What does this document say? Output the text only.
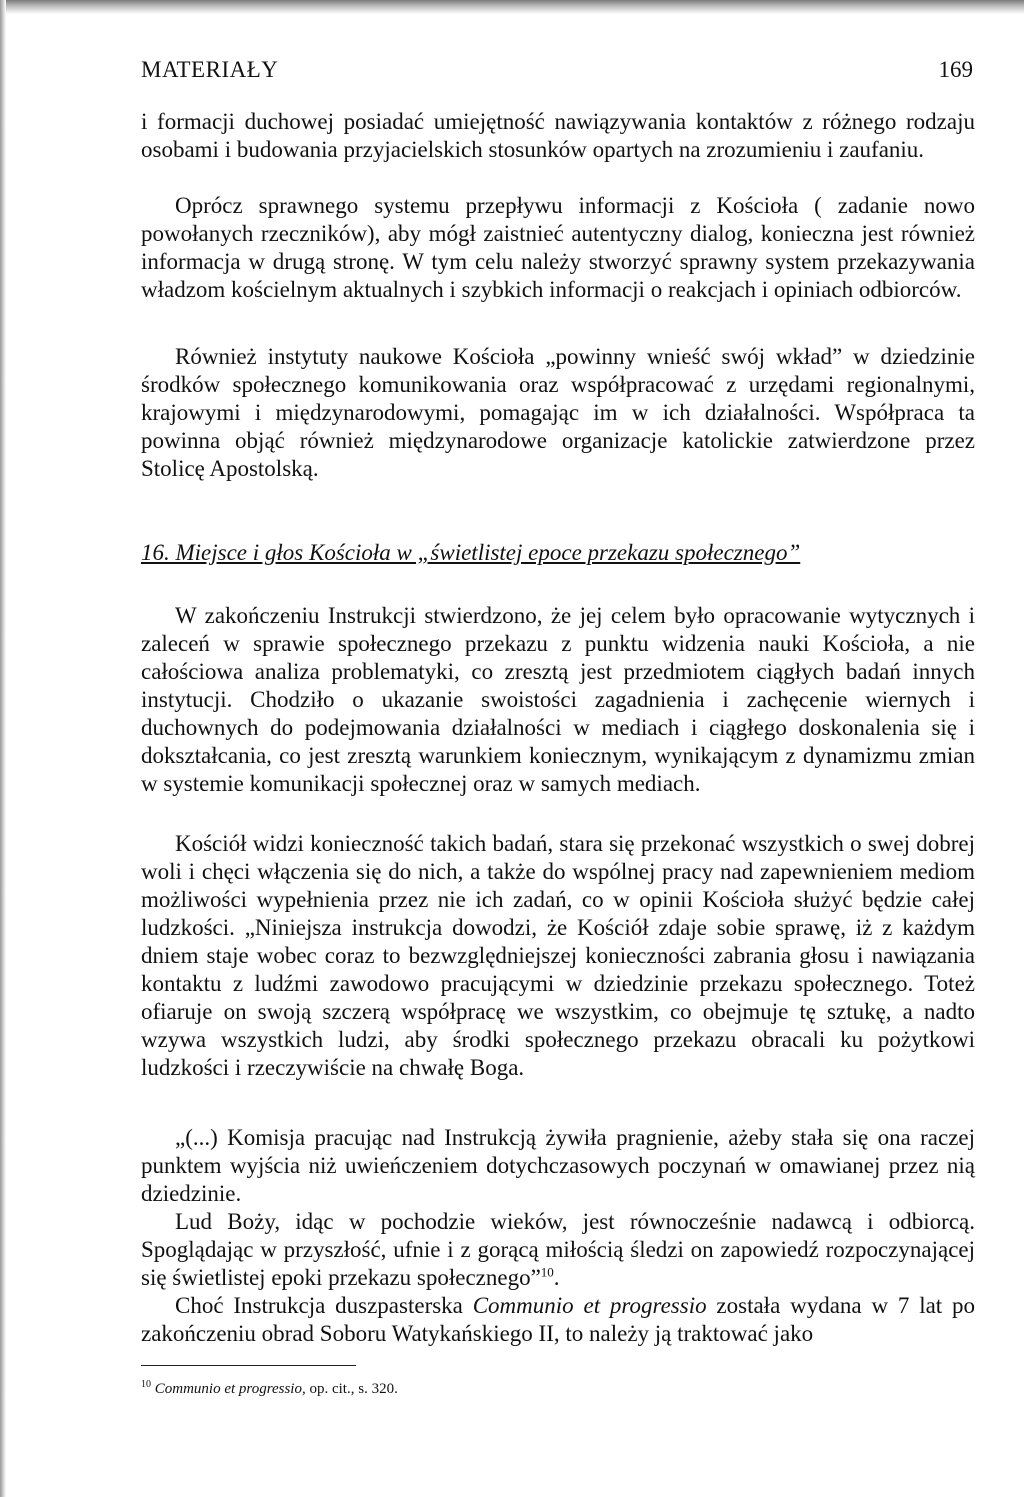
MATERIAŁY	169

i formacji duchowej posiadać umiejętność nawiązywania kontaktów z różnego rodzaju osobami i budowania przyjacielskich stosunków opartych na zrozumieniu i zaufaniu.

Oprócz sprawnego systemu przepływu informacji z Kościoła ( zadanie nowo powołanych rzeczników), aby mógł zaistnieć autentyczny dialog, konieczna jest również informacja w drugą stronę. W tym celu należy stworzyć sprawny system przekazywania władzom kościelnym aktualnych i szybkich informacji o reakcjach i opiniach odbiorców.

Również instytuty naukowe Kościoła „powinny wnieść swój wkład” w dziedzinie środków społecznego komunikowania oraz współpracować z urzędami regionalnymi, krajowymi i międzynarodowymi, pomagając im w ich działalności. Współpraca ta powinna objąć również międzynarodowe organizacje katolickie zatwierdzone przez Stolicę Apostolską.

16. Miejsce i głos Kościoła w „świetlistej epoce przekazu społecznego”

W zakończeniu Instrukcji stwierdzono, że jej celem było opracowanie wytycznych i zaleceń w sprawie społecznego przekazu z punktu widzenia nauki Kościoła, a nie całościowa analiza problematyki, co zresztą jest przedmiotem ciągłych badań innych instytucji. Chodziło o ukazanie swoistości zagadnienia i zachęcenie wiernych i duchownych do podejmowania działalności w mediach i ciągłego doskonalenia się i dokształcania, co jest zresztą warunkiem koniecznym, wynikającym z dynamizmu zmian w systemie komunikacji społecznej oraz w samych mediach.

Kościół widzi konieczność takich badań, stara się przekonać wszystkich o swej dobrej woli i chęci włączenia się do nich, a także do wspólnej pracy nad zapewnieniem mediom możliwości wypełnienia przez nie ich zadań, co w opinii Kościoła służyć będzie całej ludzkości. „Niniejsza instrukcja dowodzi, że Kościół zdaje sobie sprawę, iż z każdym dniem staje wobec coraz to bezwzględniejszej konieczności zabrania głosu i nawiązania kontaktu z ludźmi zawodowo pracującymi w dziedzinie przekazu społecznego. Toteż ofiaruje on swoją szczerą współpracę we wszystkim, co obejmuje tę sztukę, a nadto wzywa wszystkich ludzi, aby środki społecznego przekazu obracali ku pożytkowi ludzkości i rzeczywiście na chwałę Boga.

„(...) Komisja pracując nad Instrukcją żywiła pragnienie, ażeby stała się ona raczej punktem wyjścia niż uwieńczeniem dotychczasowych poczynań w omawianej przez nią dziedzinie.

Lud Boży, idąc w pochodzie wieków, jest równocześnie nadawcą i odbiorcą. Spoglądając w przyszłość, ufnie i z gorącą miłością śledzi on zapowiedź rozpoczynającej się świetlistej epoki przekazu społecznego”$^{10}$.

Choć Instrukcja duszpasterska Communio et progressio została wydana w 7 lat po zakończeniu obrad Soboru Watykańskiego II, to należy ją traktować jako

$^{10}$ Communio et progressio, op. cit., s. 320.
